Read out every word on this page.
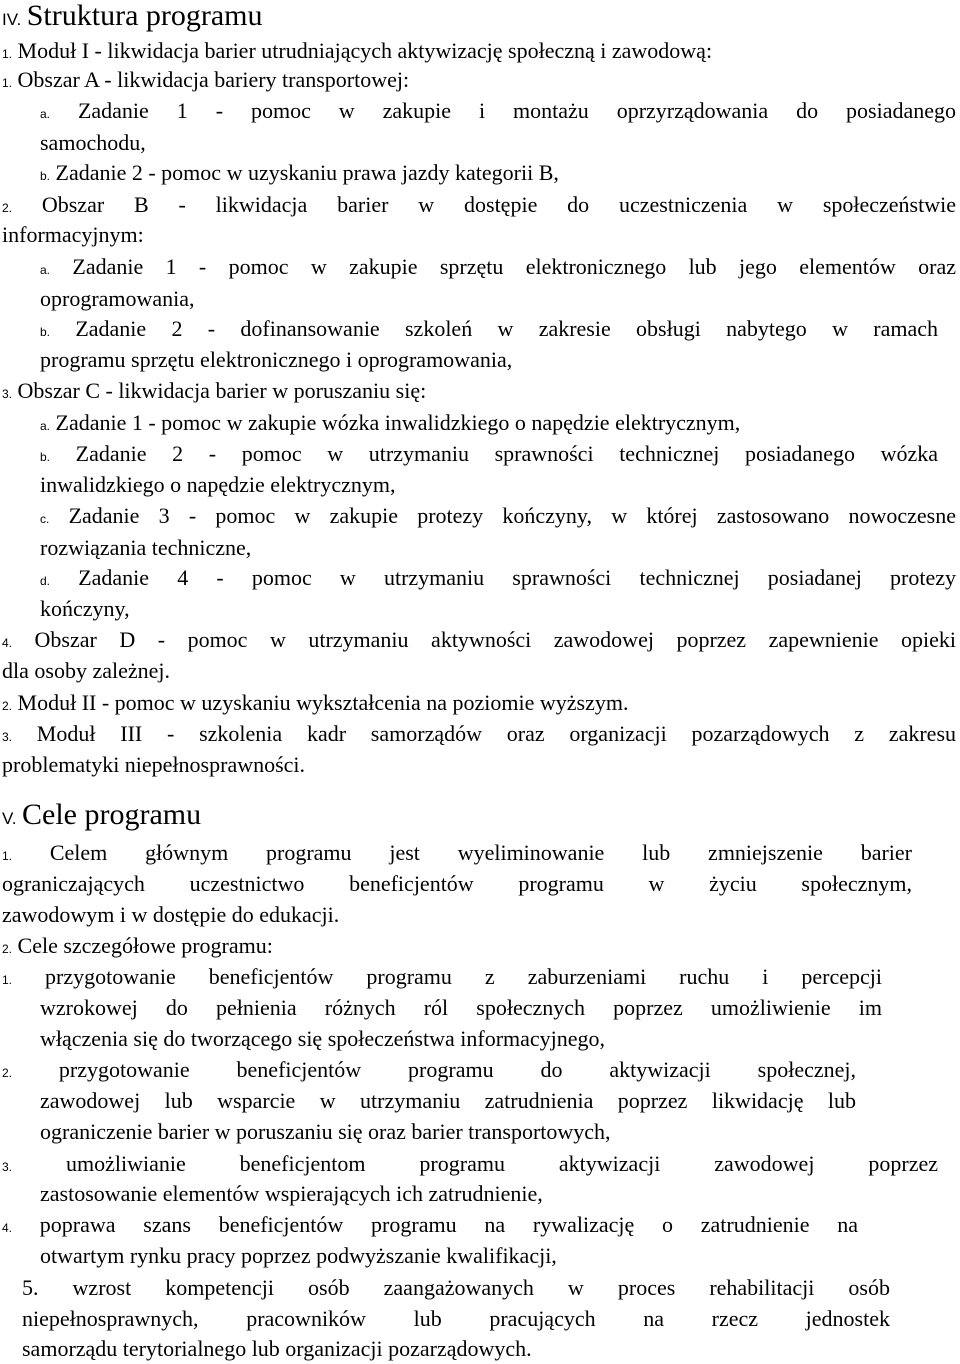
IV. Struktura programu
1. Moduł I - likwidacja barier utrudniających aktywizację społeczną i zawodową:
1. Obszar A - likwidacja bariery transportowej:
a. Zadanie 1 - pomoc w zakupie i montażu oprzyrządowania do posiadanego
samochodu,
b. Zadanie 2 - pomoc w uzyskaniu prawa jazdy kategorii B,
2. Obszar B - likwidacja barier w dostępie do uczestniczenia w społeczeństwie
informacyjnym:
a. Zadanie 1 - pomoc w zakupie sprzętu elektronicznego lub jego elementów oraz
oprogramowania,
b. Zadanie 2 - dofinansowanie szkoleń w zakresie obsługi nabytego w ramach
programu sprzętu elektronicznego i oprogramowania,
3. Obszar C - likwidacja barier w poruszaniu się:
a. Zadanie 1 - pomoc w zakupie wózka inwalidzkiego o napędzie elektrycznym,
b. Zadanie 2 - pomoc w utrzymaniu sprawności technicznej posiadanego wózka
inwalidzkiego o napędzie elektrycznym,
c. Zadanie 3 - pomoc w zakupie protezy kończyny, w której zastosowano nowoczesne
rozwiązania techniczne,
d. Zadanie 4 - pomoc w utrzymaniu sprawności technicznej posiadanej protezy
kończyny,
4. Obszar D - pomoc w utrzymaniu aktywności zawodowej poprzez zapewnienie opieki
dla osoby zależnej.
2. Moduł II - pomoc w uzyskaniu wykształcenia na poziomie wyższym.
3. Moduł III - szkolenia kadr samorządów oraz organizacji pozarządowych z zakresu
problematyki niepełnosprawności.
V. Cele programu
1. Celem głównym programu jest wyeliminowanie lub zmniejszenie barier
ograniczających uczestnictwo beneficjentów programu w życiu społecznym,
zawodowym i w dostępie do edukacji.
2. Cele szczegółowe programu:
1. przygotowanie beneficjentów programu z zaburzeniami ruchu i percepcji
wzrokowej do pełnienia różnych ról społecznych poprzez umożliwienie im
włączenia się do tworzącego się społeczeństwa informacyjnego,
2. przygotowanie beneficjentów programu do aktywizacji społecznej,
zawodowej lub wsparcie w utrzymaniu zatrudnienia poprzez likwidację lub
ograniczenie barier w poruszaniu się oraz barier transportowych,
3. umożliwianie beneficjentom programu aktywizacji zawodowej poprzez
zastosowanie elementów wspierających ich zatrudnienie,
4. poprawa szans beneficjentów programu na rywalizację o zatrudnienie na
otwartym rynku pracy poprzez podwyższanie kwalifikacji,
5. wzrost kompetencji osób zaangażowanych w proces rehabilitacji osób
niepełnosprawnych, pracowników lub pracujących na rzecz jednostek
samorządu terytorialnego lub organizacji pozarządowych.
